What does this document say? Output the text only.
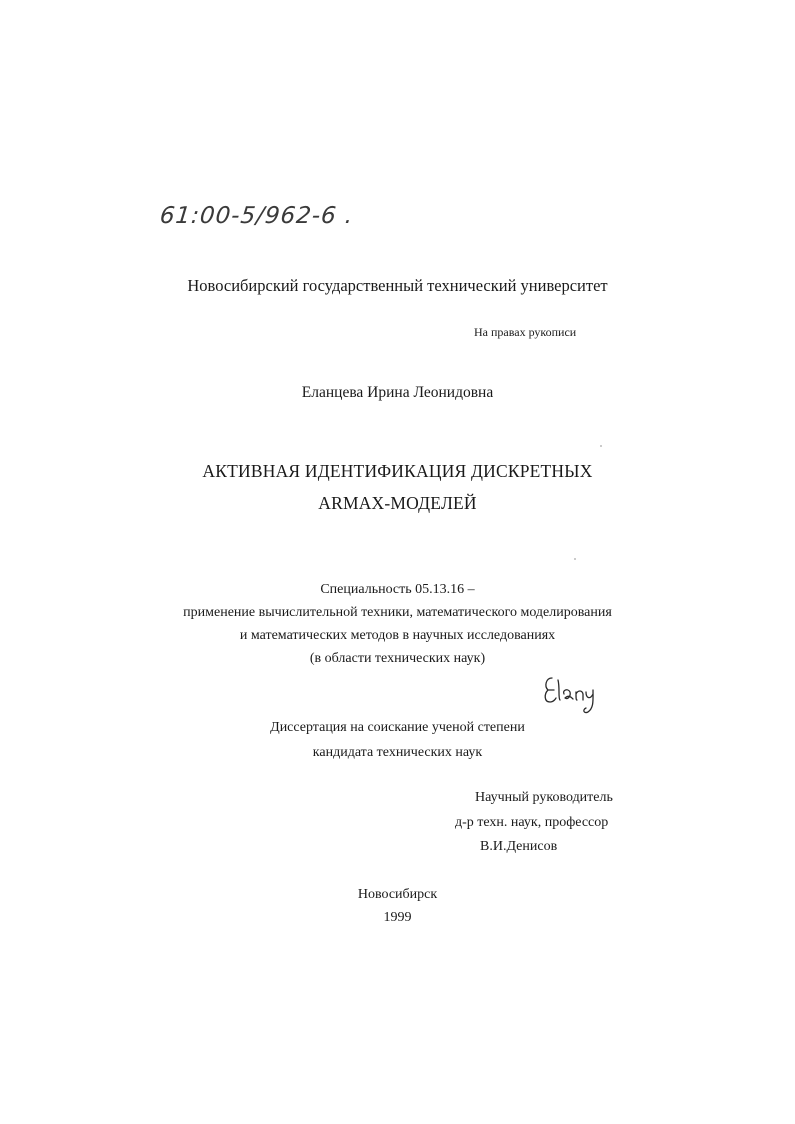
61:00-5/962-6 .
Новосибирский государственный технический университет
На правах рукописи
Еланцева Ирина Леонидовна
АКТИВНАЯ ИДЕНТИФИКАЦИЯ ДИСКРЕТНЫХ
ARMAX-МОДЕЛЕЙ
Специальность 05.13.16 –
применение вычислительной техники, математического моделирования
и математических методов в научных исследованиях
(в области технических наук)
Диссертация на соискание ученой степени
кандидата технических наук
Научный руководитель
д-р техн. наук, профессор
В.И.Денисов
Новосибирск
1999
